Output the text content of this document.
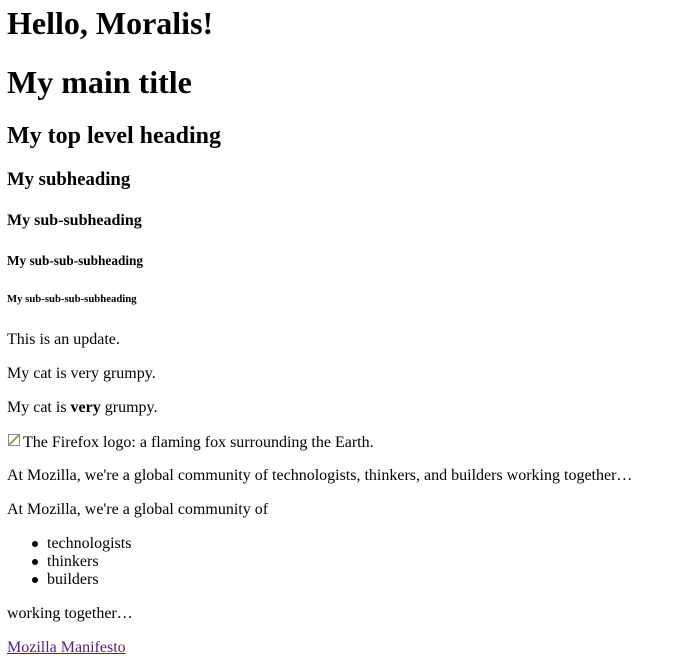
Hello, Moralis!
My main title
My top level heading
My subheading
My sub-subheading
My sub-sub-subheading
My sub-sub-sub-subheading

This is an update.

My cat is very grumpy.

My cat is very grumpy.

The Firefox logo: a flaming fox surrounding the Earth.

At Mozilla, we're a global community of technologists, thinkers, and builders working together…

At Mozilla, we're a global community of

technologists
thinkers
builders

working together…

Mozilla Manifesto
